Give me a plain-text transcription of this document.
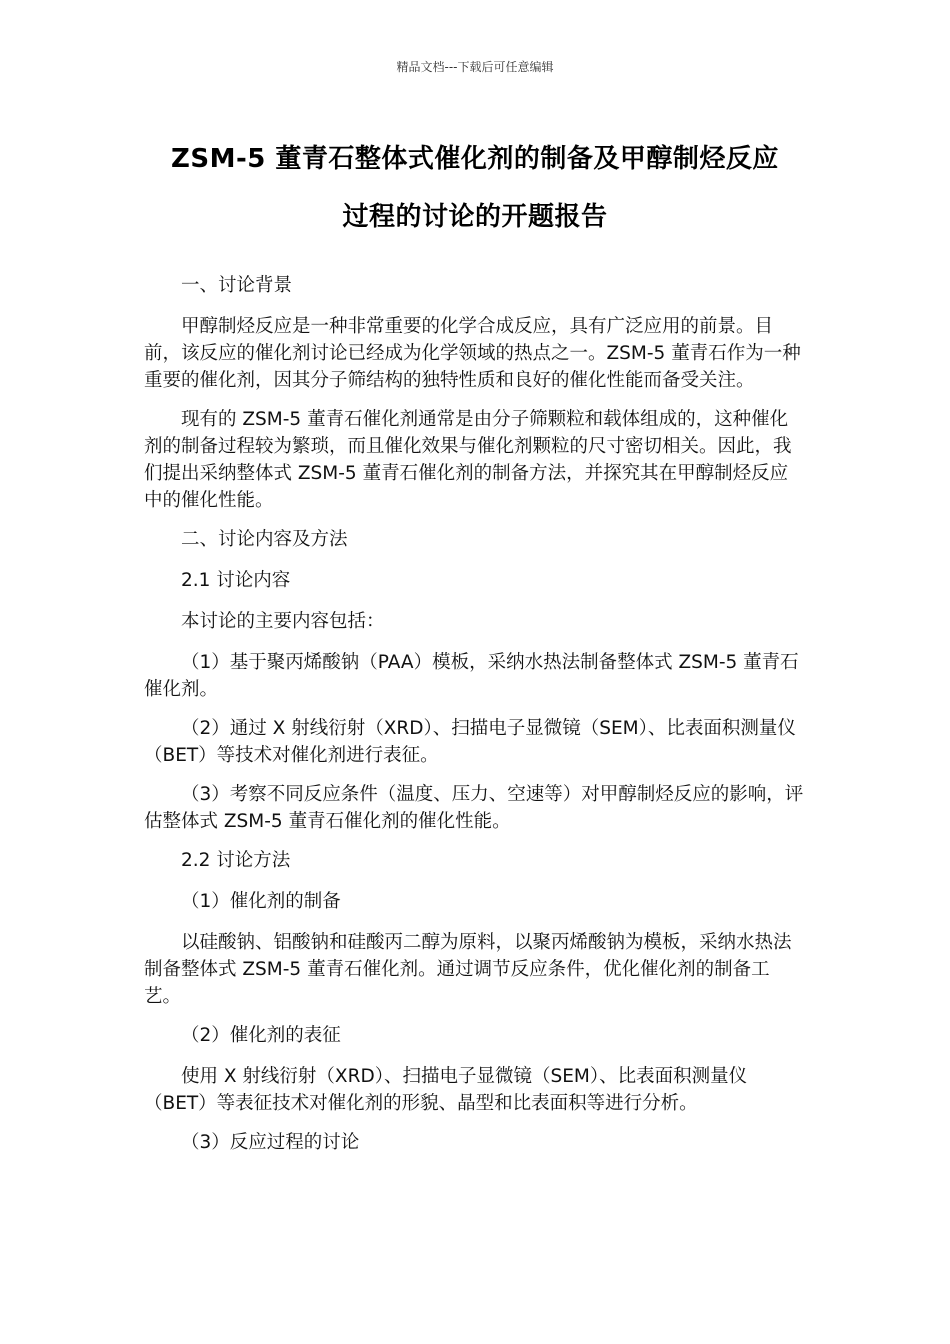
精品文档---下载后可任意编辑
ZSM-5 董青石整体式催化剂的制备及甲醇制烃反应
过程的讨论的开题报告

一、讨论背景

甲醇制烃反应是一种非常重要的化学合成反应，具有广泛应用的前景。目前，该反应的催化剂讨论已经成为化学领域的热点之一。ZSM-5 董青石作为一种重要的催化剂，因其分子筛结构的独特性质和良好的催化性能而备受关注。

现有的 ZSM-5 董青石催化剂通常是由分子筛颗粒和载体组成的，这种催化剂的制备过程较为繁琐，而且催化效果与催化剂颗粒的尺寸密切相关。因此，我们提出采纳整体式 ZSM-5 董青石催化剂的制备方法，并探究其在甲醇制烃反应中的催化性能。

二、讨论内容及方法

2.1 讨论内容

本讨论的主要内容包括：

（1）基于聚丙烯酸钠（PAA）模板，采纳水热法制备整体式 ZSM-5 董青石催化剂。

（2）通过 X 射线衍射（XRD）、扫描电子显微镜（SEM）、比表面积测量仪（BET）等技术对催化剂进行表征。

（3）考察不同反应条件（温度、压力、空速等）对甲醇制烃反应的影响，评估整体式 ZSM-5 董青石催化剂的催化性能。

2.2 讨论方法

（1）催化剂的制备

以硅酸钠、铝酸钠和硅酸丙二醇为原料，以聚丙烯酸钠为模板，采纳水热法制备整体式 ZSM-5 董青石催化剂。通过调节反应条件，优化催化剂的制备工艺。

（2）催化剂的表征

使用 X 射线衍射（XRD）、扫描电子显微镜（SEM）、比表面积测量仪（BET）等表征技术对催化剂的形貌、晶型和比表面积等进行分析。

（3）反应过程的讨论
